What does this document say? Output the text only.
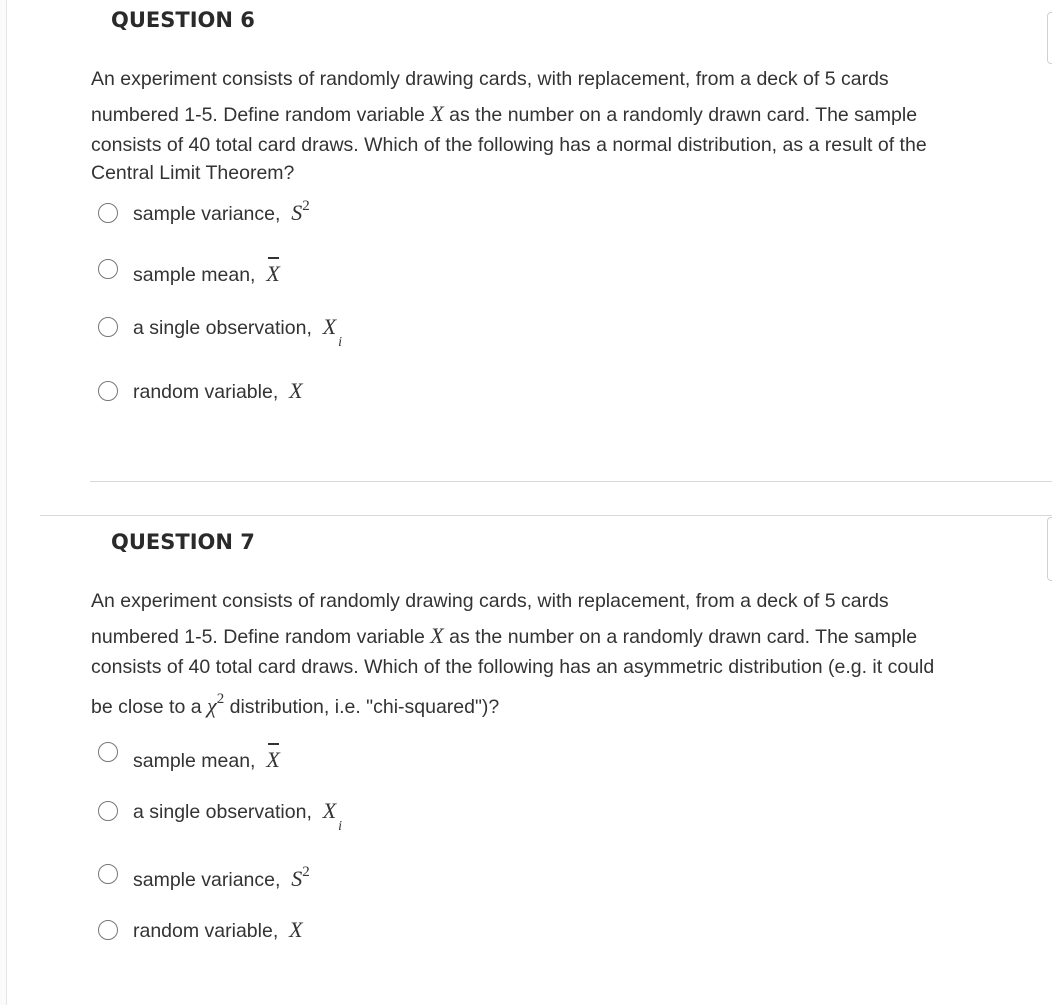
QUESTION 6
An experiment consists of randomly drawing cards, with replacement, from a deck of 5 cards
numbered 1-5. Define random variable X as the number on a randomly drawn card. The sample
consists of 40 total card draws. Which of the following has a normal distribution, as a result of the
Central Limit Theorem?
sample variance, $S^2$
sample mean, X
a single observation, $X_i$
random variable, X
QUESTION 7
An experiment consists of randomly drawing cards, with replacement, from a deck of 5 cards
numbered 1-5. Define random variable X as the number on a randomly drawn card. The sample
consists of 40 total card draws. Which of the following has an asymmetric distribution (e.g. it could
be close to a $\chi^2$ distribution, i.e. "chi-squared")?
sample mean, X
a single observation, $X_i$
sample variance, $S^2$
random variable, X
